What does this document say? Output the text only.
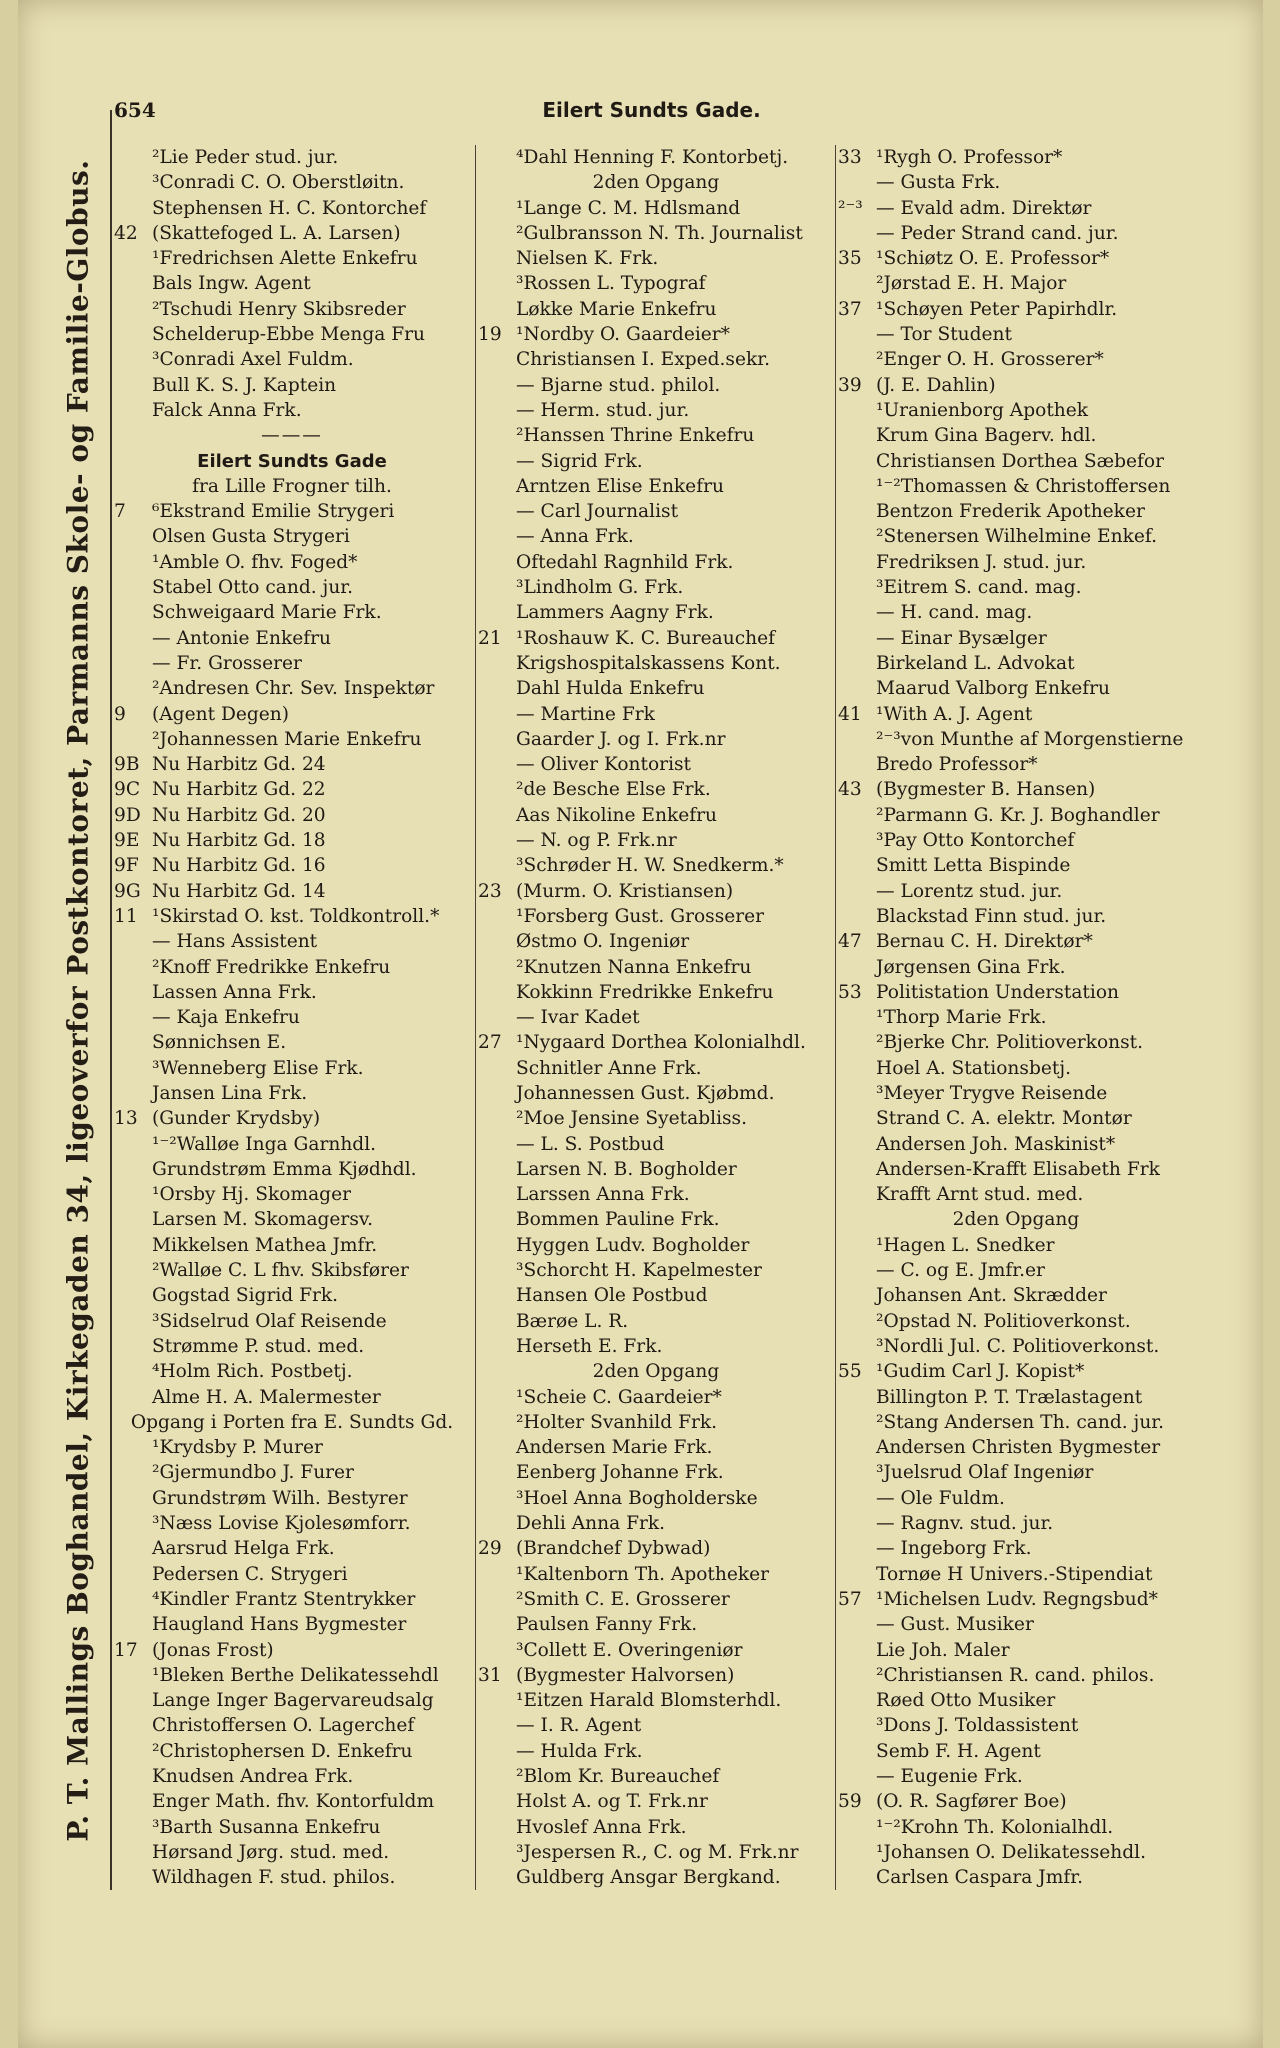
P. T. Mallings Boghandel, Kirkegaden 34, ligeoverfor Postkontoret, Parmanns Skole- og Familie-Globus.
654	Eilert Sundts Gade.
²Lie Peder stud. jur.
³Conradi C. O. Oberstløitn.
Stephensen H. C. Kontorchef
42 (Skattefoged L. A. Larsen)
¹Fredrichsen Alette Enkefru
Bals Ingw. Agent
²Tschudi Henry Skibsreder
Schelderup-Ebbe Menga Fru
³Conradi Axel Fuldm.
Bull K. S. J. Kaptein
Falck Anna Frk.
———
Eilert Sundts Gade
fra Lille Frogner tilh.
7 ⁶Ekstrand Emilie Strygeri
Olsen Gusta Strygeri
¹Amble O. fhv. Foged*
Stabel Otto cand. jur.
Schweigaard Marie Frk.
— Antonie Enkefru
— Fr. Grosserer
²Andresen Chr. Sev. Inspektør
9 (Agent Degen)
²Johannessen Marie Enkefru
9B Nu Harbitz Gd. 24
9C Nu Harbitz Gd. 22
9D Nu Harbitz Gd. 20
9E Nu Harbitz Gd. 18
9F Nu Harbitz Gd. 16
9G Nu Harbitz Gd. 14
11 ¹Skirstad O. kst. Toldkontroll.*
— Hans Assistent
²Knoff Fredrikke Enkefru
Lassen Anna Frk.
— Kaja Enkefru
Sønnichsen E.
³Wenneberg Elise Frk.
Jansen Lina Frk.
13 (Gunder Krydsby)
¹⁻²Walløe Inga Garnhdl.
Grundstrøm Emma Kjødhdl.
¹Orsby Hj. Skomager
Larsen M. Skomagersv.
Mikkelsen Mathea Jmfr.
²Walløe C. L fhv. Skibsfører
Gogstad Sigrid Frk.
³Sidselrud Olaf Reisende
Strømme P. stud. med.
⁴Holm Rich. Postbetj.
Alme H. A. Malermester
Opgang i Porten fra E. Sundts Gd.
¹Krydsby P. Murer
²Gjermundbo J. Furer
Grundstrøm Wilh. Bestyrer
³Næss Lovise Kjolesømforr.
Aarsrud Helga Frk.
Pedersen C. Strygeri
⁴Kindler Frantz Stentrykker
Haugland Hans Bygmester
17 (Jonas Frost)
¹Bleken Berthe Delikatessehdl
Lange Inger Bagervareudsalg
Christoffersen O. Lagerchef
²Christophersen D. Enkefru
Knudsen Andrea Frk.
Enger Math. fhv. Kontorfuldm
³Barth Susanna Enkefru
Hørsand Jørg. stud. med.
Wildhagen F. stud. philos.
⁴Dahl Henning F. Kontorbetj.
2den Opgang
¹Lange C. M. Hdlsmand
²Gulbransson N. Th. Journalist
Nielsen K. Frk.
³Rossen L. Typograf
Løkke Marie Enkefru
19 ¹Nordby O. Gaardeier*
Christiansen I. Exped.sekr.
— Bjarne stud. philol.
— Herm. stud. jur.
²Hanssen Thrine Enkefru
— Sigrid Frk.
Arntzen Elise Enkefru
— Carl Journalist
— Anna Frk.
Oftedahl Ragnhild Frk.
³Lindholm G. Frk.
Lammers Aagny Frk.
21 ¹Roshauw K. C. Bureauchef
Krigshospitalskassens Kont.
Dahl Hulda Enkefru
— Martine Frk
Gaarder J. og I. Frk.nr
— Oliver Kontorist
²de Besche Else Frk.
Aas Nikoline Enkefru
— N. og P. Frk.nr
³Schrøder H. W. Snedkerm.*
23 (Murm. O. Kristiansen)
¹Forsberg Gust. Grosserer
Østmo O. Ingeniør
²Knutzen Nanna Enkefru
Kokkinn Fredrikke Enkefru
— Ivar Kadet
27 ¹Nygaard Dorthea Kolonialhdl.
Schnitler Anne Frk.
Johannessen Gust. Kjøbmd.
²Moe Jensine Syetabliss.
— L. S. Postbud
Larsen N. B. Bogholder
Larssen Anna Frk.
Bommen Pauline Frk.
Hyggen Ludv. Bogholder
³Schorcht H. Kapelmester
Hansen Ole Postbud
Bærøe L. R.
Herseth E. Frk.
2den Opgang
¹Scheie C. Gaardeier*
²Holter Svanhild Frk.
Andersen Marie Frk.
Eenberg Johanne Frk.
³Hoel Anna Bogholderske
Dehli Anna Frk.
29 (Brandchef Dybwad)
¹Kaltenborn Th. Apotheker
²Smith C. E. Grosserer
Paulsen Fanny Frk.
³Collett E. Overingeniør
31 (Bygmester Halvorsen)
¹Eitzen Harald Blomsterhdl.
— I. R. Agent
— Hulda Frk.
²Blom Kr. Bureauchef
Holst A. og T. Frk.nr
Hvoslef Anna Frk.
³Jespersen R., C. og M. Frk.nr
Guldberg Ansgar Bergkand.
33 ¹Rygh O. Professor*
— Gusta Frk.
²⁻³ — Evald adm. Direktør
— Peder Strand cand. jur.
35 ¹Schiøtz O. E. Professor*
²Jørstad E. H. Major
37 ¹Schøyen Peter Papirhdlr.
— Tor Student
²Enger O. H. Grosserer*
39 (J. E. Dahlin)
¹Uranienborg Apothek
Krum Gina Bagerv. hdl.
Christiansen Dorthea Sæbefor
¹⁻²Thomassen & Christoffersen
Bentzon Frederik Apotheker
²Stenersen Wilhelmine Enkef.
Fredriksen J. stud. jur.
³Eitrem S. cand. mag.
— H. cand. mag.
— Einar Bysælger
Birkeland L. Advokat
Maarud Valborg Enkefru
41 ¹With A. J. Agent
²⁻³von Munthe af Morgenstierne
Bredo Professor*
43 (Bygmester B. Hansen)
²Parmann G. Kr. J. Boghandler
³Pay Otto Kontorchef
Smitt Letta Bispinde
— Lorentz stud. jur.
Blackstad Finn stud. jur.
47 Bernau C. H. Direktør*
Jørgensen Gina Frk.
53 Politistation Understation
¹Thorp Marie Frk.
²Bjerke Chr. Politioverkonst.
Hoel A. Stationsbetj.
³Meyer Trygve Reisende
Strand C. A. elektr. Montør
Andersen Joh. Maskinist*
Andersen-Krafft Elisabeth Frk
Krafft Arnt stud. med.
2den Opgang
¹Hagen L. Snedker
— C. og E. Jmfr.er
Johansen Ant. Skrædder
²Opstad N. Politioverkonst.
³Nordli Jul. C. Politioverkonst.
55 ¹Gudim Carl J. Kopist*
Billington P. T. Trælastagent
²Stang Andersen Th. cand. jur.
Andersen Christen Bygmester
³Juelsrud Olaf Ingeniør
— Ole Fuldm.
— Ragnv. stud. jur.
— Ingeborg Frk.
Tornøe H Univers.-Stipendiat
57 ¹Michelsen Ludv. Regngsbud*
— Gust. Musiker
Lie Joh. Maler
²Christiansen R. cand. philos.
Røed Otto Musiker
³Dons J. Toldassistent
Semb F. H. Agent
— Eugenie Frk.
59 (O. R. Sagfører Boe)
¹⁻²Krohn Th. Kolonialhdl.
¹Johansen O. Delikatessehdl.
Carlsen Caspara Jmfr.
